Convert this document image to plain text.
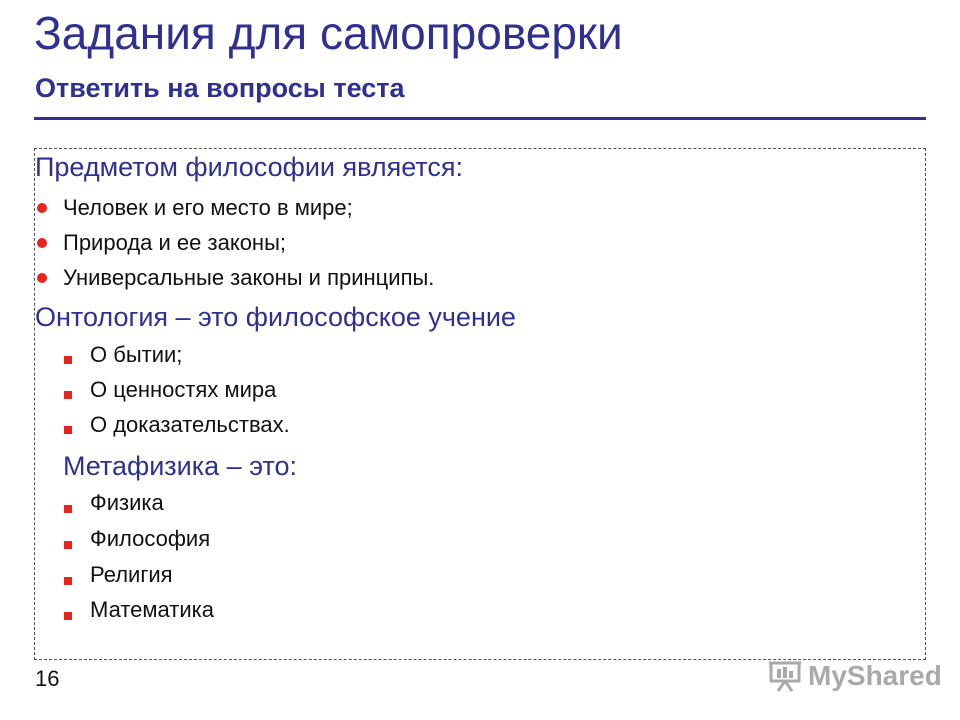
Задания для самопроверки
Ответить на вопросы теста
Предметом философии является:
Человек и его место в мире;
Природа и ее законы;
Универсальные законы и принципы.
Онтология – это философское учение
О бытии;
О ценностях мира
О доказательствах.
Метафизика – это:
Физика
Философия
Религия
Математика
16	MyShared
